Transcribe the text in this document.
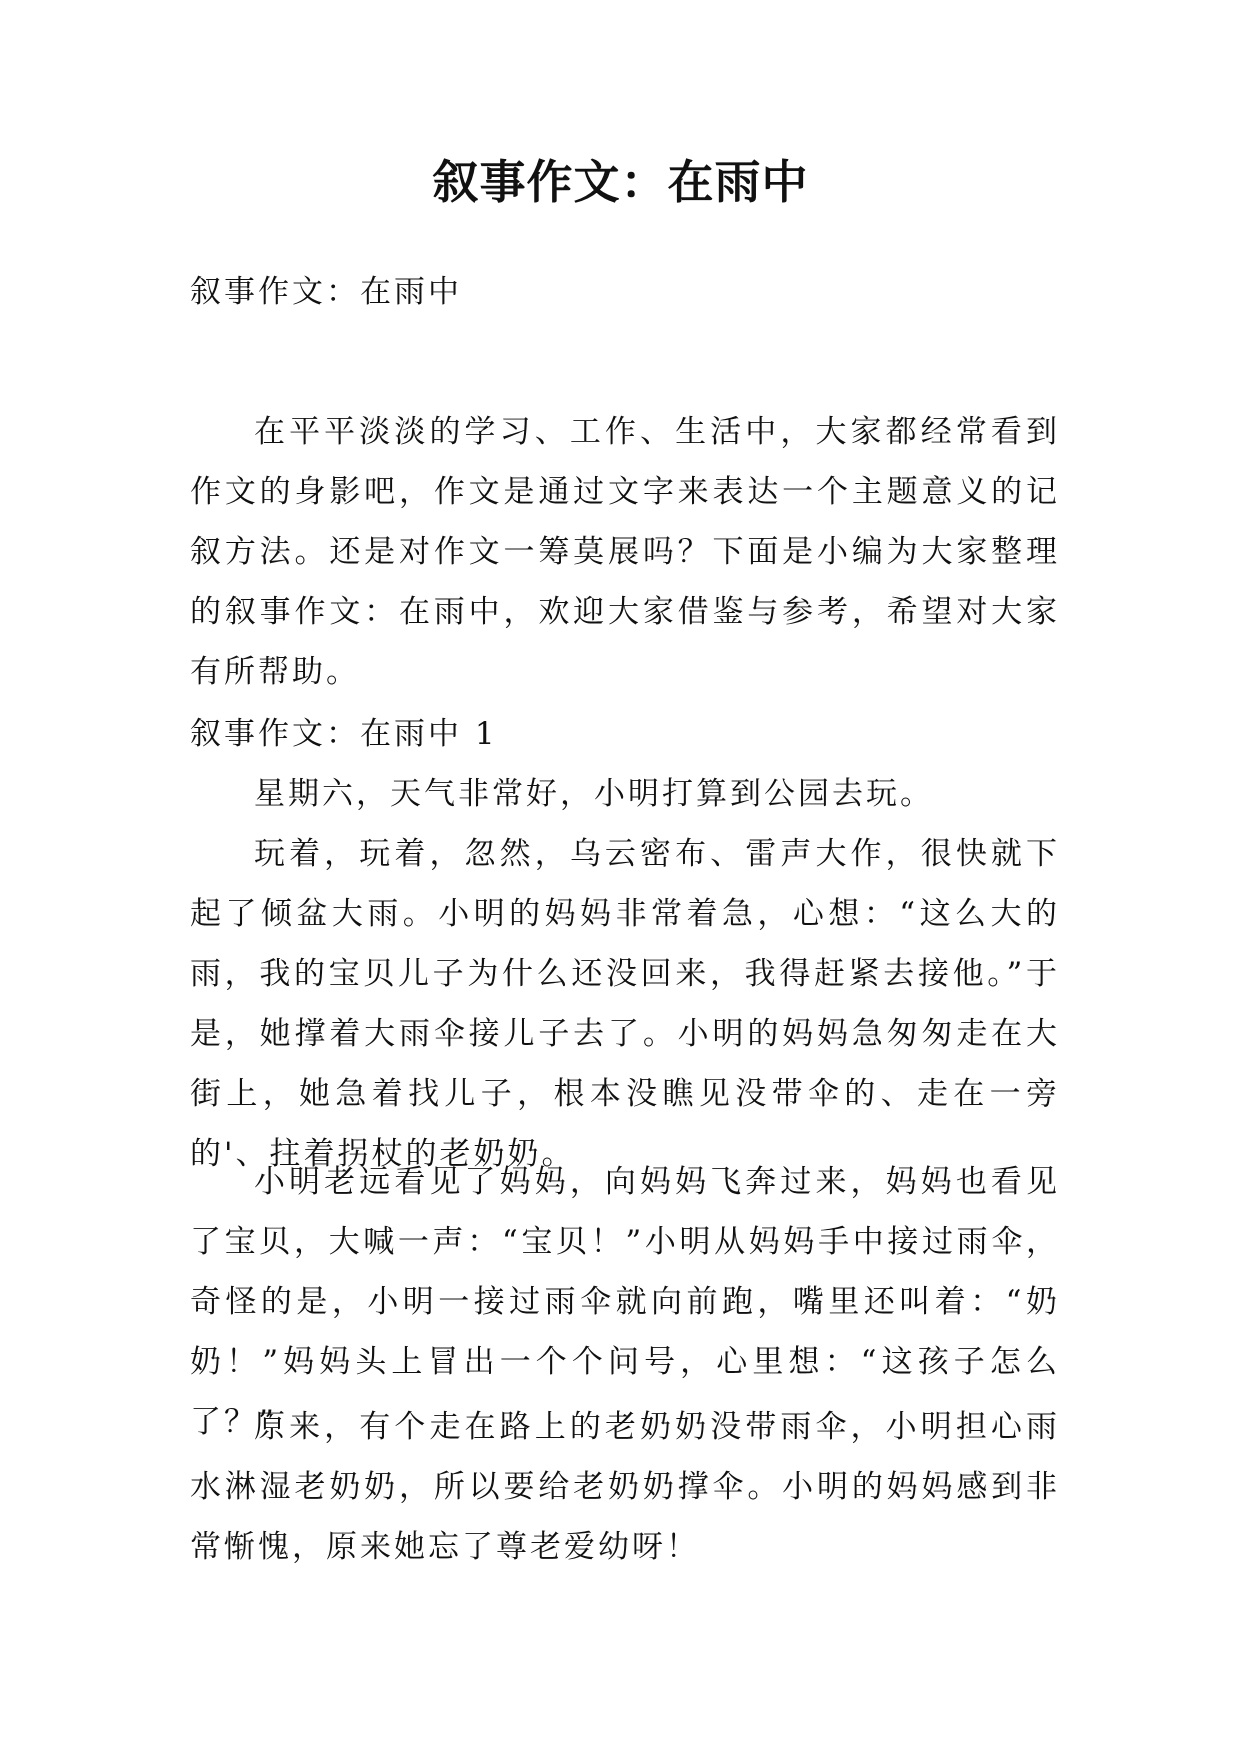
叙事作文：在雨中

叙事作文：在雨中

在平平淡淡的学习、工作、生活中，大家都经常看到作文的身影吧，作文是通过文字来表达一个主题意义的记叙方法。还是对作文一筹莫展吗？下面是小编为大家整理的叙事作文：在雨中，欢迎大家借鉴与参考，希望对大家有所帮助。

叙事作文：在雨中 1

星期六，天气非常好，小明打算到公园去玩。

玩着，玩着，忽然，乌云密布、雷声大作，很快就下起了倾盆大雨。小明的妈妈非常着急，心想：“这么大的雨，我的宝贝儿子为什么还没回来，我得赶紧去接他。”于是，她撑着大雨伞接儿子去了。小明的妈妈急匆匆走在大街上，她急着找儿子，根本没瞧见没带伞的、走在一旁的'、拄着拐杖的老奶奶。

小明老远看见了妈妈，向妈妈飞奔过来，妈妈也看见了宝贝，大喊一声：“宝贝！”小明从妈妈手中接过雨伞，奇怪的是，小明一接过雨伞就向前跑，嘴里还叫着：“奶奶！”妈妈头上冒出一个个问号，心里想：“这孩子怎么了？”

原来，有个走在路上的老奶奶没带雨伞，小明担心雨水淋湿老奶奶，所以要给老奶奶撑伞。小明的妈妈感到非常惭愧，原来她忘了尊老爱幼呀！
